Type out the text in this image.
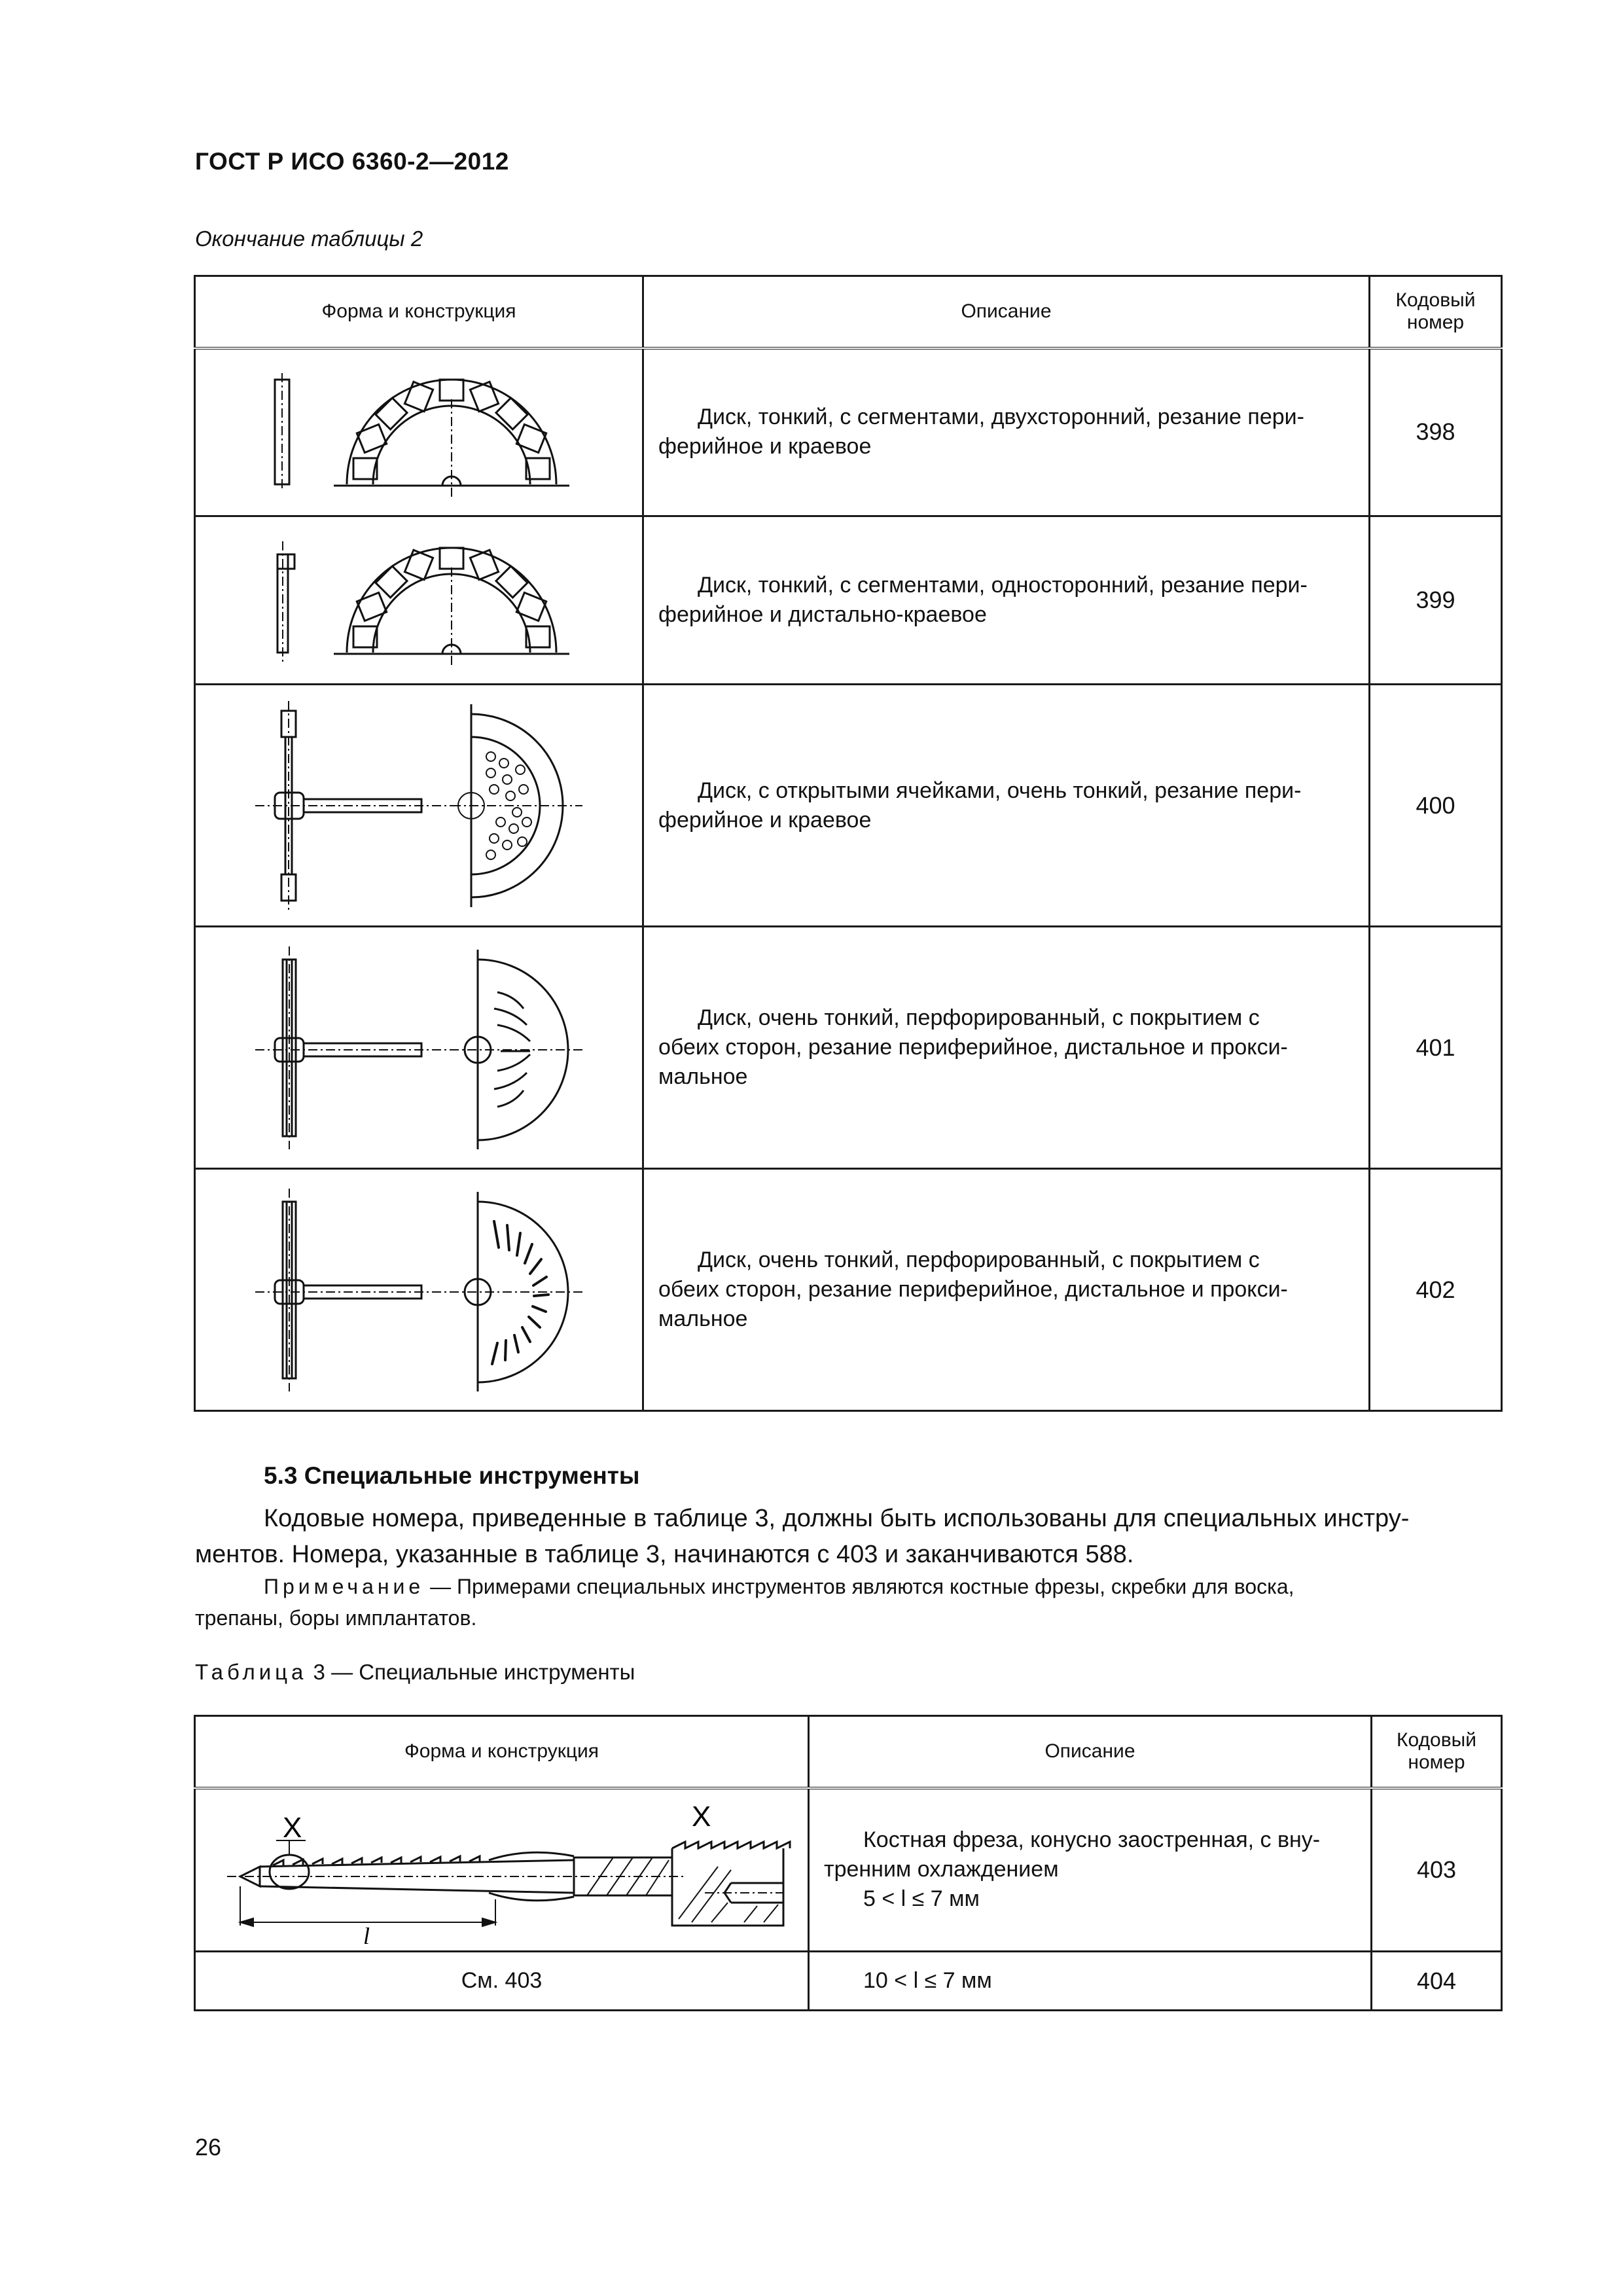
ГОСТ Р ИСО 6360-2—2012
Окончание таблицы 2
Форма и конструкция	Описание	Кодовый
номер

Диск, тонкий, с сегментами, двухсторонний, резание пери-
ферийное и краевое	398

Диск, тонкий, с сегментами, односторонний, резание пери-
ферийное и дистально-краевое	399

Диск, с открытыми ячейками, очень тонкий, резание пери-
ферийное и краевое	400

Диск, очень тонкий, перфорированный, с покрытием с
обеих сторон, резание периферийное, дистальное и прокси-
мальное	401

Диск, очень тонкий, перфорированный, с покрытием с
обеих сторон, резание периферийное, дистальное и прокси-
мальное	402
5.3 Специальные инструменты
Кодовые номера, приведенные в таблице 3, должны быть использованы для специальных инстру-
ментов. Номера, указанные в таблице 3, начинаются с 403 и заканчиваются 588.
Примечание — Примерами специальных инструментов являются костные фрезы, скребки для воска,
трепаны, боры имплантатов.
Таблица 3 — Специальные инструменты
Форма и конструкция	Описание	Кодовый
номер

X
l
X	Костная фреза, конусно заостренная, с вну-
тренним охлаждением
5 < l ≤ 7 мм	403
См. 403	10 < l ≤ 7 мм	404
26
